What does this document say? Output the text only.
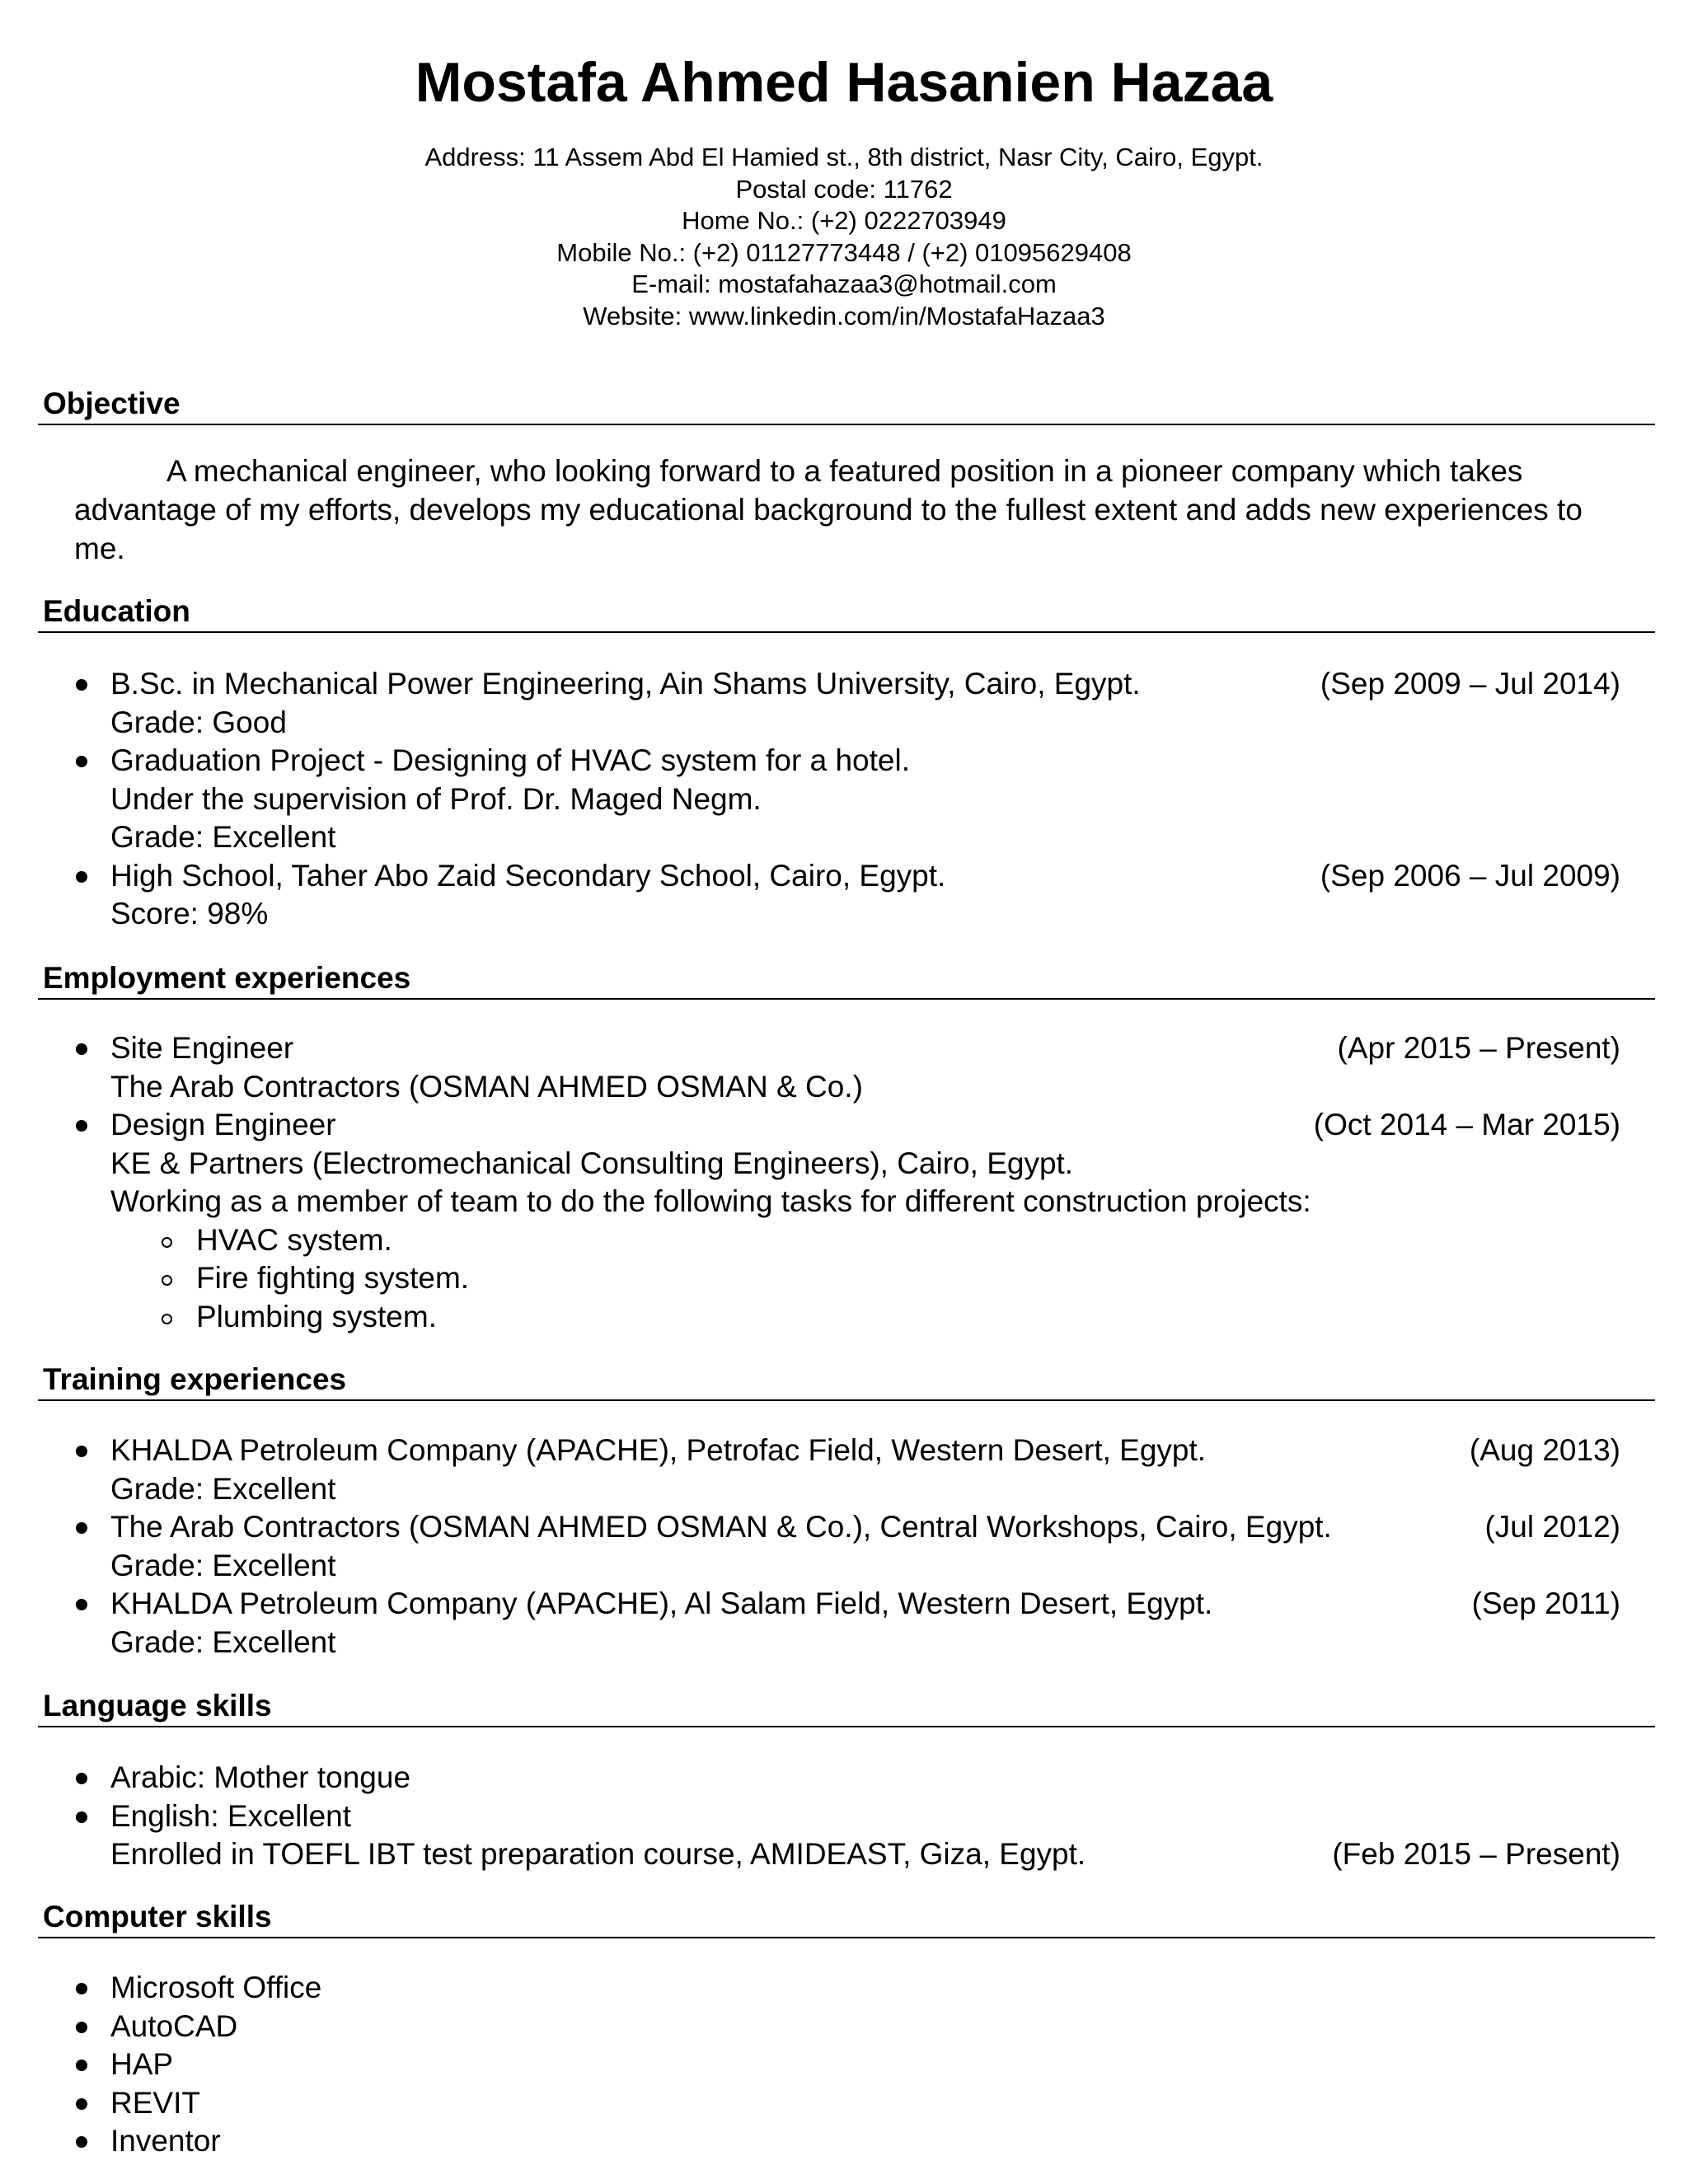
Mostafa Ahmed Hasanien Hazaa
Address: 11 Assem Abd El Hamied st., 8th district, Nasr City, Cairo, Egypt.
Postal code: 11762
Home No.: (+2) 0222703949
Mobile No.: (+2) 01127773448 / (+2) 01095629408
E-mail: mostafahazaa3@hotmail.com
Website: www.linkedin.com/in/MostafaHazaa3
Objective
A mechanical engineer, who looking forward to a featured position in a pioneer company which takes advantage of my efforts, develops my educational background to the fullest extent and adds new experiences to me.
Education
B.Sc. in Mechanical Power Engineering, Ain Shams University, Cairo, Egypt.
Grade: Good
(Sep 2009 – Jul 2014)
Graduation Project - Designing of HVAC system for a hotel.
Under the supervision of Prof. Dr. Maged Negm.
Grade: Excellent
High School, Taher Abo Zaid Secondary School, Cairo, Egypt.
Score: 98%
(Sep 2006 – Jul 2009)
Employment experiences
Site Engineer
The Arab Contractors (OSMAN AHMED OSMAN & Co.)
(Apr 2015 – Present)
Design Engineer
KE & Partners (Electromechanical Consulting Engineers), Cairo, Egypt.
Working as a member of team to do the following tasks for different construction projects:
(Oct 2014 – Mar 2015)
HVAC system.
Fire fighting system.
Plumbing system.
Training experiences
KHALDA Petroleum Company (APACHE), Petrofac Field, Western Desert, Egypt.
Grade: Excellent
(Aug 2013)
The Arab Contractors (OSMAN AHMED OSMAN & Co.), Central Workshops, Cairo, Egypt.
Grade: Excellent
(Jul 2012)
KHALDA Petroleum Company (APACHE), Al Salam Field, Western Desert, Egypt.
Grade: Excellent
(Sep 2011)
Language skills
Arabic: Mother tongue
English: Excellent
Enrolled in TOEFL IBT test preparation course, AMIDEAST, Giza, Egypt.	(Feb 2015 – Present)
Computer skills
Microsoft Office
AutoCAD
HAP
REVIT
Inventor
